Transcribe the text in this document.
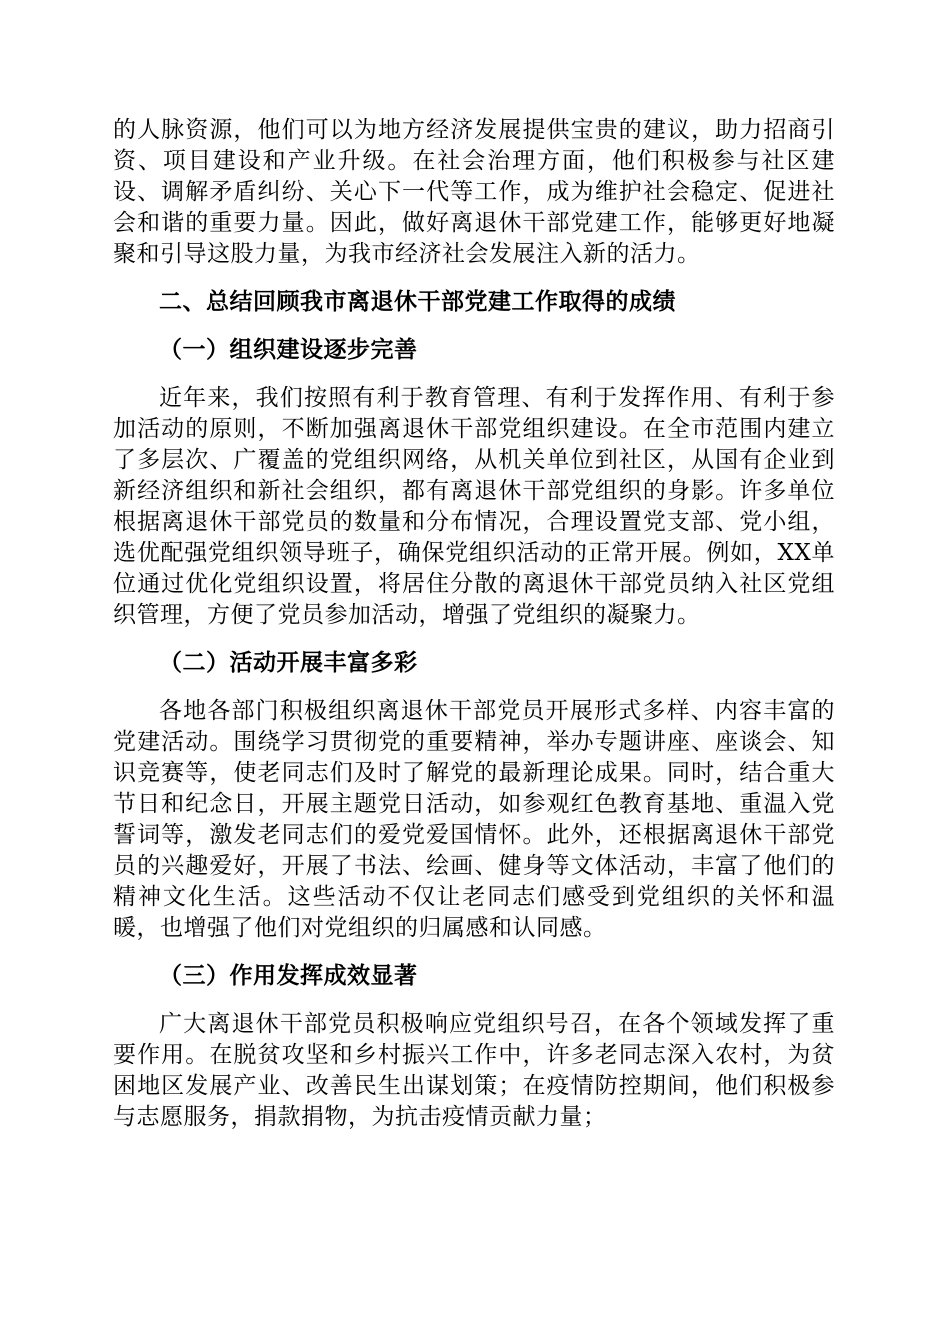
的人脉资源，他们可以为地方经济发展提供宝贵的建议，助力招商引资、项目建设和产业升级。在社会治理方面，他们积极参与社区建设、调解矛盾纠纷、关心下一代等工作，成为维护社会稳定、促进社会和谐的重要力量。因此，做好离退休干部党建工作，能够更好地凝聚和引导这股力量，为我市经济社会发展注入新的活力。

二、总结回顾我市离退休干部党建工作取得的成绩

（一）组织建设逐步完善

近年来，我们按照有利于教育管理、有利于发挥作用、有利于参加活动的原则，不断加强离退休干部党组织建设。在全市范围内建立了多层次、广覆盖的党组织网络，从机关单位到社区，从国有企业到新经济组织和新社会组织，都有离退休干部党组织的身影。许多单位根据离退休干部党员的数量和分布情况，合理设置党支部、党小组，选优配强党组织领导班子，确保党组织活动的正常开展。例如，XX单位通过优化党组织设置，将居住分散的离退休干部党员纳入社区党组织管理，方便了党员参加活动，增强了党组织的凝聚力。

（二）活动开展丰富多彩

各地各部门积极组织离退休干部党员开展形式多样、内容丰富的党建活动。围绕学习贯彻党的重要精神，举办专题讲座、座谈会、知识竞赛等，使老同志们及时了解党的最新理论成果。同时，结合重大节日和纪念日，开展主题党日活动，如参观红色教育基地、重温入党誓词等，激发老同志们的爱党爱国情怀。此外，还根据离退休干部党员的兴趣爱好，开展了书法、绘画、健身等文体活动，丰富了他们的精神文化生活。这些活动不仅让老同志们感受到党组织的关怀和温暖，也增强了他们对党组织的归属感和认同感。

（三）作用发挥成效显著

广大离退休干部党员积极响应党组织号召，在各个领域发挥了重要作用。在脱贫攻坚和乡村振兴工作中，许多老同志深入农村，为贫困地区发展产业、改善民生出谋划策；在疫情防控期间，他们积极参与志愿服务，捐款捐物，为抗击疫情贡献力量；
